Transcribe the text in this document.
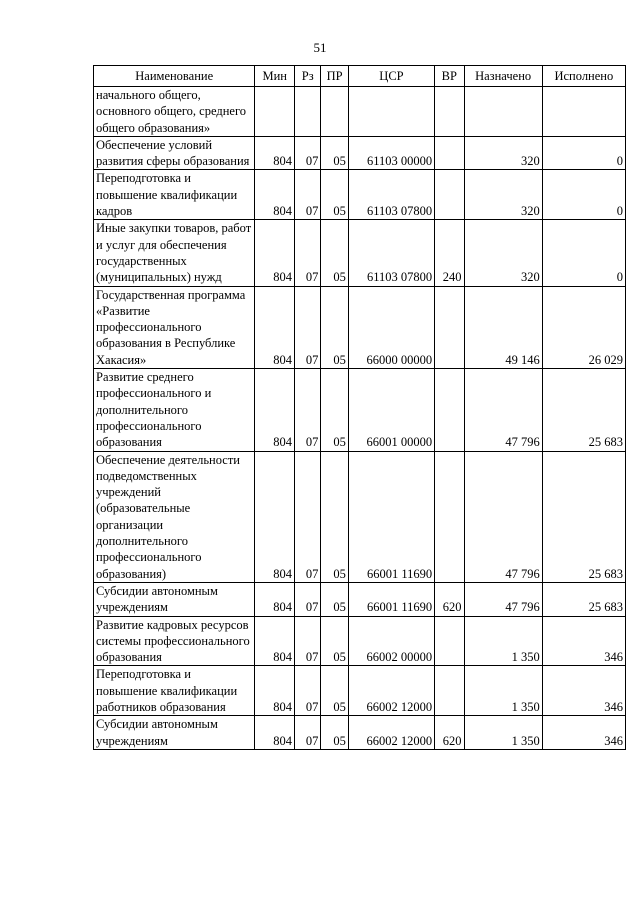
51
Наименование	Мин	Рз	ПР	ЦСР	ВР	Назначено	Исполнено
начального общего, основного общего, среднего общего образования»							
Обеспечение условий развития сферы образования	804	07	05	61103 00000		320	0
Переподготовка и повышение квалификации кадров	804	07	05	61103 07800		320	0
Иные закупки товаров, работ и услуг для обеспечения государственных (муниципальных) нужд	804	07	05	61103 07800	240	320	0
Государственная программа «Развитие профессионального образования в Республике Хакасия»	804	07	05	66000 00000		49 146	26 029
Развитие среднего профессионального и дополнительного профессионального образования	804	07	05	66001 00000		47 796	25 683
Обеспечение деятельности подведомственных учреждений (образовательные организации дополнительного профессионального образования)	804	07	05	66001 11690		47 796	25 683
Субсидии автономным учреждениям	804	07	05	66001 11690	620	47 796	25 683
Развитие кадровых ресурсов системы профессионального образования	804	07	05	66002 00000		1 350	346
Переподготовка и повышение квалификации работников образования	804	07	05	66002 12000		1 350	346
Субсидии автономным учреждениям	804	07	05	66002 12000	620	1 350	346
